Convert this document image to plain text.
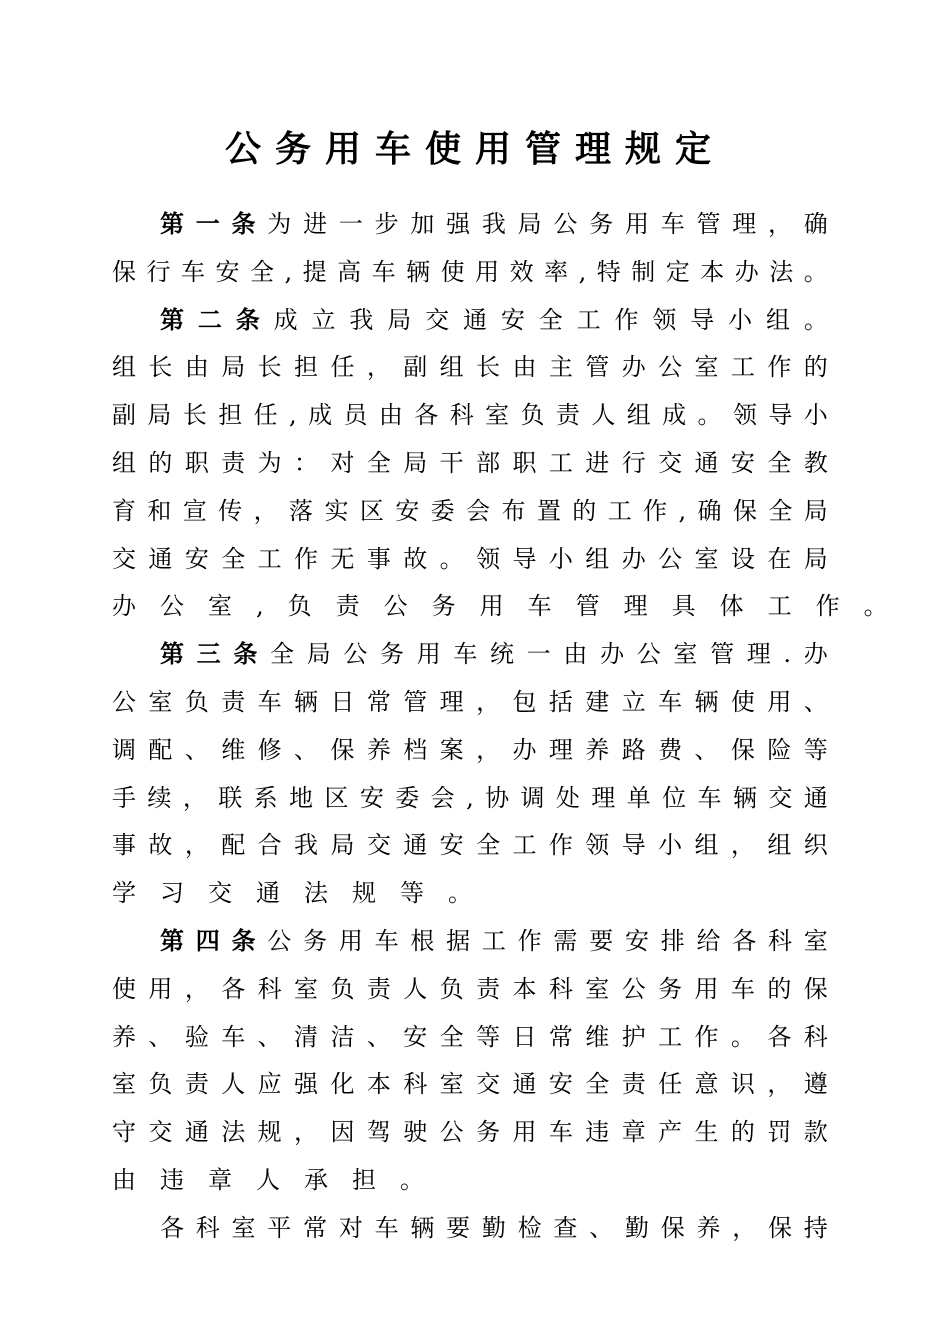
公务用车使用管理规定
第 一 条 为 进 一 步 加 强 我 局 公 务 用 车 管 理 ， 确
保 行 车 安 全 , 提 高 车 辆 使 用 效 率 , 特 制 定 本 办 法 。
第 二 条 成 立 我 局 交 通 安 全 工 作 领 导 小 组 。
组 长 由 局 长 担 任 ， 副 组 长 由 主 管 办 公 室 工 作 的
副 局 长 担 任 , 成 员 由 各 科 室 负 责 人 组 成 。 领 导 小
组 的 职 责 为 ： 对 全 局 干 部 职 工 进 行 交 通 安 全 教
育 和 宣 传 ， 落 实 区 安 委 会 布 置 的 工 作 , 确 保 全 局
交 通 安 全 工 作 无 事 故 。 领 导 小 组 办 公 室 设 在 局
办 公 室 , 负 责 公 务 用 车 管 理 具 体 工 作 。
第 三 条 全 局 公 务 用 车 统 一 由 办 公 室 管 理 . 办
公 室 负 责 车 辆 日 常 管 理 ， 包 括 建 立 车 辆 使 用 、
调 配 、 维 修 、 保 养 档 案 ， 办 理 养 路 费 、 保 险 等
手 续 ， 联 系 地 区 安 委 会 , 协 调 处 理 单 位 车 辆 交 通
事 故 ， 配 合 我 局 交 通 安 全 工 作 领 导 小 组 ， 组 织
学 习 交 通 法 规 等 。
第 四 条 公 务 用 车 根 据 工 作 需 要 安 排 给 各 科 室
使 用 ， 各 科 室 负 责 人 负 责 本 科 室 公 务 用 车 的 保
养 、 验 车 、 清 洁 、 安 全 等 日 常 维 护 工 作 。 各 科
室 负 责 人 应 强 化 本 科 室 交 通 安 全 责 任 意 识 ， 遵
守 交 通 法 规 ， 因 驾 驶 公 务 用 车 违 章 产 生 的 罚 款
由 违 章 人 承 担 。
各 科 室 平 常 对 车 辆 要 勤 检 查 、 勤 保 养 ， 保 持
